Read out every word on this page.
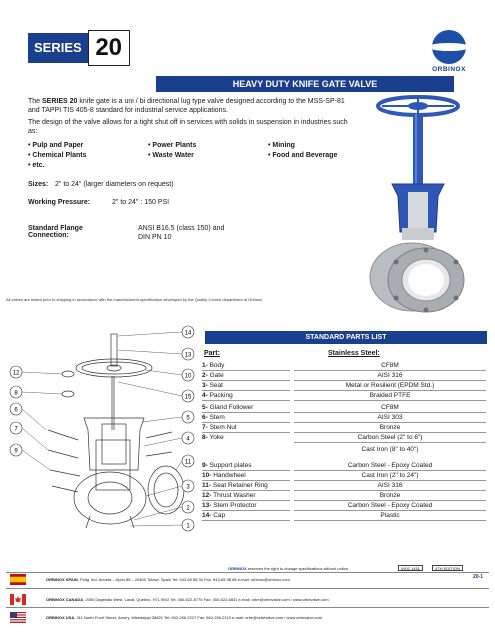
SERIES 20
ORBINOX
HEAVY DUTY KNIFE GATE VALVE

The SERIES 20 knife gate is a uni / bi directional lug type valve designed according to the MSS-SP-81 and TAPPI TIS 405-8 standard for industrial service applications.

The design of the valve allows for a tight shut off in services with solids in suspension in industries such as:

• Pulp and Paper
• Chemical Plants
• etc.
• Power Plants
• Waste Water
• Mining
• Food and Beverage
Sizes: 2" to 24" (larger diameters on request)
Working Pressure:	2" to 24" : 150 PSI
Standard Flange
Connection:
ANSI B16.5 (class 150) and
DIN PN 10
All valves are tested prior to shipping in accordance with the manufacturers specification developed by the Quality Control department at Orbinox.
12
8
6
7
9
14
13
10
15
5
4
11
3
2
1
STANDARD PARTS LIST
Part:	Stainless Steel:
1- Body	CF8M
2- Gate	AISI 316
3- Seat	Metal or Resilient (EPDM Std.)
4- Packing	Braided PTFE
5- Gland Follower	CF8M
6- Stem	AISI 303
7- Stem Nut	Bronze
8- Yoke	Carbon Steel (2" to 6")
Cast Iron (8" to 40")
9- Support plates	Carbon Steel - Epoxy Coated
10- Handwheel	Cast Iron (2" to 24")
11- Seat Retainer Ring	AISI 316
12- Thrust Washer	Bronze
13- Stem Protector	Carbon Steel - Epoxy Coated
14- Cap	Plastic
ORBINOX reserves the right to change specifications without notice.	0902 1451	4TH EDITION
20-1
ORBINOX SPAIN, Polig. Ind. Anoeta – Apdo 88 – 20400 Tolosa, Spain Tel: 943-69 88 30 Fax: 943-65 38 66 e-mail: orbinox@orbinox.com
ORBINOX CANADA, 2050 Dagenais West, Laval, Quebec, H7L 5W2 Tel: 450-622-8775 Fax: 450-622-6831 e-mail: orbe@orbevalve.com / www.orbevalve.com
ORBINOX USA, 311 North Front Street, Amory, Mississippi 38821 Tel: 662-256-2227 Fax: 662-256-2119 e-mail: orbe@orbevalve.com / www.orbevalve.com
